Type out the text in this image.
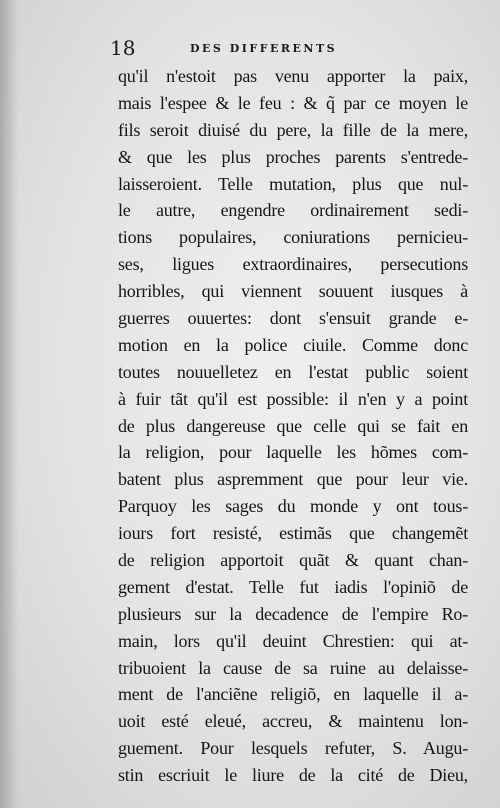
18	DES DIFFERENTS
qu'il n'estoit pas venu apporter la paix,
mais l'espee & le feu : & q̃ par ce moyen le
fils seroit diuisé du pere, la fille de la mere,
& que les plus proches parents s'entrede-
laisseroient. Telle mutation, plus que nul-
le autre, engendre ordinairement sedi-
tions populaires, coniurations pernicieu-
ses, ligues extraordinaires, persecutions
horribles, qui viennent souuent iusques à
guerres ouuertes: dont s'ensuit grande e-
motion en la police ciuile. Comme donc
toutes nouuelletez en l'estat public soient
à fuir tãt qu'il est possible: il n'en y a point
de plus dangereuse que celle qui se fait en
la religion, pour laquelle les hõmes com-
batent plus aspremment que pour leur vie.
Parquoy les sages du monde y ont tous-
iours fort resisté, estimãs que changemẽt
de religion apportoit quãt & quant chan-
gement d'estat. Telle fut iadis l'opiniõ de
plusieurs sur la decadence de l'empire Ro-
main, lors qu'il deuint Chrestien: qui at-
tribuoient la cause de sa ruine au delaisse-
ment de l'anciẽne religiõ, en laquelle il a-
uoit esté eleué, accreu, & maintenu lon-
guement. Pour lesquels refuter, S. Augu-
stin escriuit le liure de la cité de Dieu,
